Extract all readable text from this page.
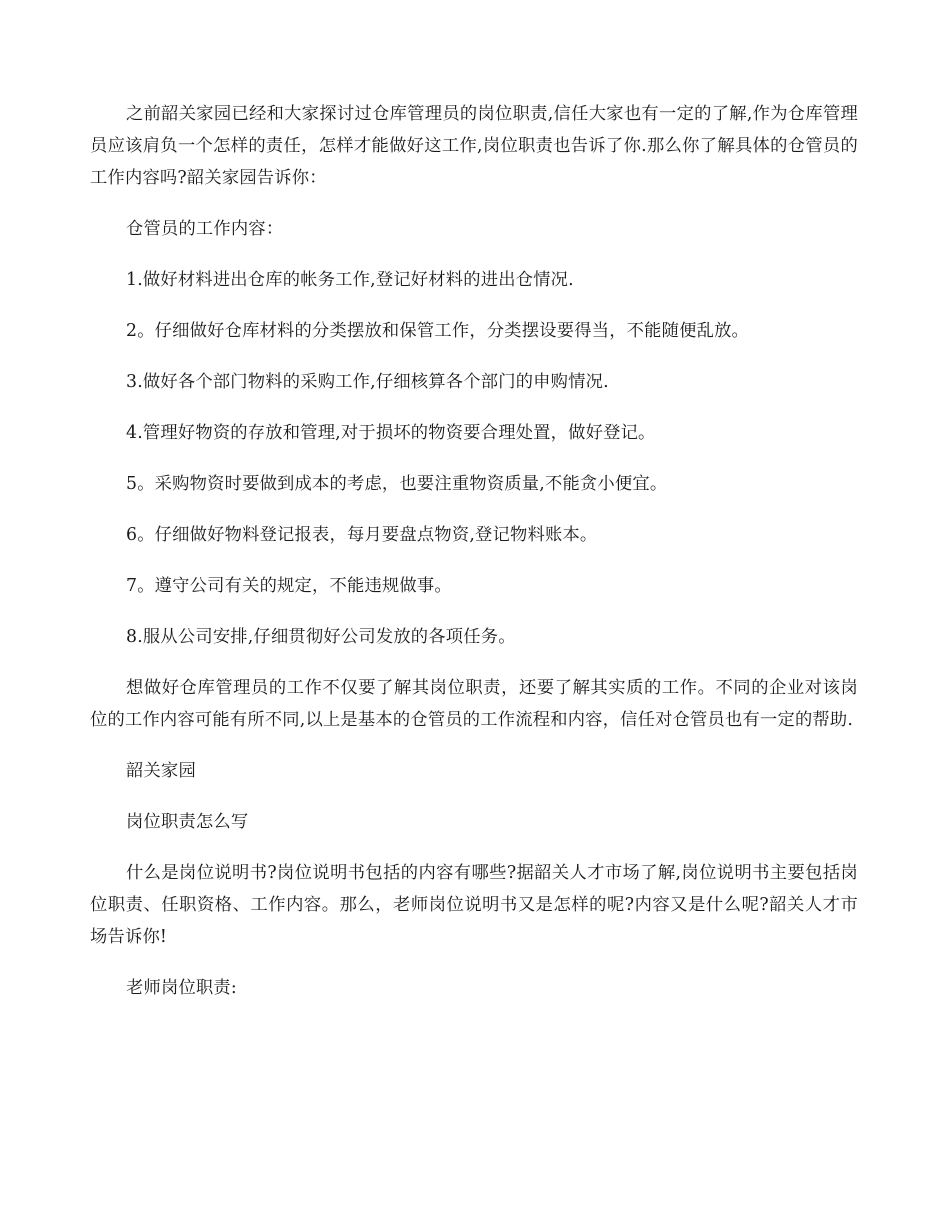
之前韶关家园已经和大家探讨过仓库管理员的岗位职责,信任大家也有一定的了解,作为仓库管理员应该肩负一个怎样的责任，怎样才能做好这工作,岗位职责也告诉了你.那么你了解具体的仓管员的工作内容吗?韶关家园告诉你：

仓管员的工作内容：

1.做好材料进出仓库的帐务工作,登记好材料的进出仓情况.

2。仔细做好仓库材料的分类摆放和保管工作，分类摆设要得当，不能随便乱放。

3.做好各个部门物料的采购工作,仔细核算各个部门的申购情况.

4.管理好物资的存放和管理,对于损坏的物资要合理处置，做好登记。

5。采购物资时要做到成本的考虑，也要注重物资质量,不能贪小便宜。

6。仔细做好物料登记报表，每月要盘点物资,登记物料账本。

7。遵守公司有关的规定，不能违规做事。

8.服从公司安排,仔细贯彻好公司发放的各项任务。

想做好仓库管理员的工作不仅要了解其岗位职责，还要了解其实质的工作。不同的企业对该岗位的工作内容可能有所不同,以上是基本的仓管员的工作流程和内容，信任对仓管员也有一定的帮助.

韶关家园

岗位职责怎么写

什么是岗位说明书?岗位说明书包括的内容有哪些?据韶关人才市场了解,岗位说明书主要包括岗位职责、任职资格、工作内容。那么，老师岗位说明书又是怎样的呢?内容又是什么呢?韶关人才市场告诉你!

老师岗位职责:
